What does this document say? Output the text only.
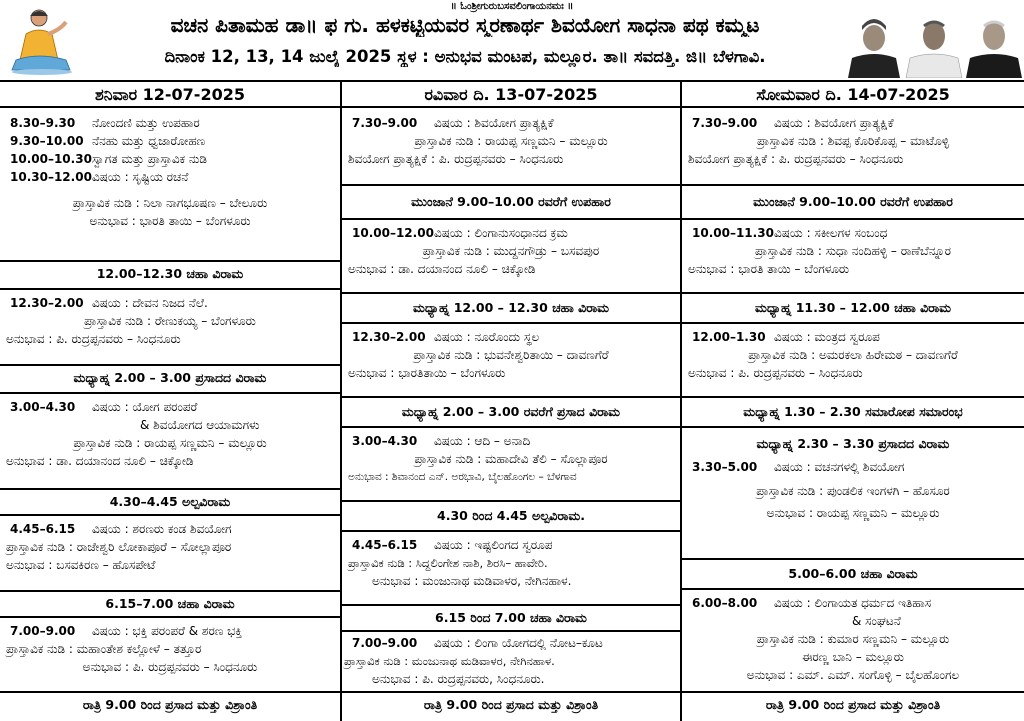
॥ ಓಂಶ್ರೀಗುರುಬಸವಲಿಂಗಾಯನಮಃ ॥
ವಚನ ಪಿತಾಮಹ ಡಾ॥ ಫ ಗು. ಹಳಕಟ್ಟಿಯವರ ಸ್ಮರಣಾರ್ಥ ಶಿವಯೋಗ ಸಾಧನಾ ಪಥ ಕಮ್ಮಟ
ದಿನಾಂಕ 12, 13, 14 ಜುಲೈ 2025 ಸ್ಥಳ : ಅನುಭವ ಮಂಟಪ, ಮಲ್ಲೂರ. ತಾ॥ ಸವದತ್ತಿ. ಜಿ॥ ಬೆಳಗಾವಿ.
ಶನಿವಾರ 12-07-2025
8.30–9.30 ನೋಂದಣಿ ಮತ್ತು ಉಪಹಾರ
9.30–10.00 ನೆನಹು ಮತ್ತು ಧ್ವಜಾರೋಹಣ
10.00–10.30ಸ್ವಾಗತ ಮತ್ತು ಪ್ರಾಸ್ತಾವಿಕ ನುಡಿ
10.30–12.00ವಿಷಯ : ಸೃಷ್ಟಿಯ ರಚನೆ
ಪ್ರಾಸ್ತಾವಿಕ ನುಡಿ : ನಿಲಾ ನಾಗಭೂಷಣ – ಬೇಲೂರು
ಅನುಭಾವ : ಭಾರತಿ ತಾಯಿ – ಬೆಂಗಳೂರು
12.00–12.30 ಚಹಾ ವಿರಾಮ
12.30–2.00 ವಿಷಯ : ದೇವನ ನಿಜದ ನೆಲೆ.
ಪ್ರಾಸ್ತಾವಿಕ ನುಡಿ : ರೇಣುಕಯ್ಯ – ಬೆಂಗಳೂರು
ಅನುಭಾವ : ಪಿ. ರುದ್ರಪ್ಪನವರು – ಸಿಂಧನೂರು
ಮಧ್ಯಾಹ್ನ 2.00 – 3.00 ಪ್ರಸಾದದ ವಿರಾಮ
3.00–4.30 ವಿಷಯ : ಯೋಗ ಪರಂಪರೆ
& ಶಿವಯೋಗದ ಆಯಾಮಗಳು
ಪ್ರಾಸ್ತಾವಿಕ ನುಡಿ : ರಾಯಪ್ಪ ಸಣ್ಣಮನಿ – ಮಲ್ಲೂರು
ಅನುಭಾವ : ಡಾ. ದಯಾನಂದ ನೂಲಿ – ಚಿಕ್ಕೋಡಿ
4.30–4.45 ಅಲ್ಪವಿರಾಮ
4.45–6.15 ವಿಷಯ : ಶರಣರು ಕಂಡ ಶಿವಯೋಗ
ಪ್ರಾಸ್ತಾವಿಕ ನುಡಿ : ರಾಜೇಶ್ವರಿ ಲೋಕಾಪೂರೆ – ಸೋಲ್ಲಾಪೂರ
ಅನುಭಾವ : ಬಸವಕಿರಣ – ಹೊಸಪೇಟೆ
6.15–7.00 ಚಹಾ ವಿರಾಮ
7.00–9.00 ವಿಷಯ : ಭಕ್ತಿ ಪರಂಪರೆ & ಶರಣ ಭಕ್ತಿ
ಪ್ರಾಸ್ತಾವಿಕ ನುಡಿ : ಮಹಾಂತೇಶ ಕಲ್ಲೋಳೆ – ತತ್ತೂರ
ಅನುಭಾವ : ಪಿ. ರುದ್ರಪ್ಪನವರು – ಸಿಂಧನೂರು
ರಾತ್ರಿ 9.00 ರಿಂದ ಪ್ರಸಾದ ಮತ್ತು ವಿಶ್ರಾಂತಿ
ರವಿವಾರ ದಿ. 13-07-2025
7.30–9.00 ವಿಷಯ : ಶಿವಯೋಗ ಪ್ರಾತ್ಯಕ್ಷಿಕೆ
ಪ್ರಾಸ್ತಾವಿಕ ನುಡಿ : ರಾಯಪ್ಪ ಸಣ್ಣಮನಿ – ಮಲ್ಲೂರು
ಶಿವಯೋಗ ಪ್ರಾತ್ಯಕ್ಷಿಕೆ : ಪಿ. ರುದ್ರಪ್ಪನವರು – ಸಿಂಧನೂರು
ಮುಂಜಾನೆ 9.00–10.00 ರವರೆಗೆ ಉಪಹಾರ
10.00–12.00ವಿಷಯ : ಲಿಂಗಾನುಸಂಧಾನದ ಕ್ರಮ
ಪ್ರಾಸ್ತಾವಿಕ ನುಡಿ : ಮುದ್ದನಗೌಡ್ರು – ಬಸವಪುರ
ಅನುಭಾವ : ಡಾ. ದಯಾನಂದ ನೂಲಿ – ಚಿಕ್ಕೋಡಿ
ಮಧ್ಯಾಹ್ನ 12.00 – 12.30 ಚಹಾ ವಿರಾಮ
12.30–2.00 ವಿಷಯ : ನೂರೊಂದು ಸ್ಥಲ
ಪ್ರಾಸ್ತಾವಿಕ ನುಡಿ : ಭುವನೇಶ್ವರಿತಾಯಿ – ದಾವಣಗೆರೆ
ಅನುಭಾವ : ಭಾರತಿತಾಯಿ – ಬೆಂಗಳೂರು
ಮಧ್ಯಾಹ್ನ 2.00 – 3.00 ರವರೆಗೆ ಪ್ರಸಾದ ವಿರಾಮ
3.00–4.30 ವಿಷಯ : ಆದಿ – ಅನಾದಿ
ಪ್ರಾಸ್ತಾವಿಕ ನುಡಿ : ಮಹಾದೇವಿ ತೆಲಿ – ಸೊಲ್ಲಾಪೂರ
ಅನುಭಾವ : ಶಿವಾನಂದ ಎನ್. ಅರಭಾವಿ, ಬೈಲಹೊಂಗಲ – ಬೆಳಗಾವ
4.30 ರಿಂದ 4.45 ಅಲ್ಪವಿರಾಮ.
4.45–6.15 ವಿಷಯ : ಇಷ್ಟಲಿಂಗದ ಸ್ವರೂಪ
ಪ್ರಾಸ್ತಾವಿಕ ನುಡಿ : ಸಿದ್ದಲಿಂಗೇಶ ನಾಶಿ, ಶಿರಸಿ– ಹಾವೇರಿ.
ಅನುಭಾವ : ಮಂಜುನಾಥ ಮಡಿವಾಳರ, ನೇಗಿನಹಾಳ.
6.15 ರಿಂದ 7.00 ಚಹಾ ವಿರಾಮ
7.00–9.00 ವಿಷಯ : ಲಿಂಗಾ ಯೋಗದಲ್ಲಿ ನೋಟ–ಕೂಟ
ಪ್ರಾಸ್ತಾವಿಕ ನುಡಿ : ಮಂಜುನಾಥ ಮಡಿವಾಳರ, ನೇಗಿನಹಾಳ.
ಅನುಭಾವ : ಪಿ. ರುದ್ರಪ್ಪನವರು, ಸಿಂಧನೂರು.
ರಾತ್ರಿ 9.00 ರಿಂದ ಪ್ರಸಾದ ಮತ್ತು ವಿಶ್ರಾಂತಿ
ಸೋಮವಾರ ದಿ. 14-07-2025
7.30–9.00 ವಿಷಯ : ಶಿವಯೋಗ ಪ್ರಾತ್ಯಕ್ಷಿಕೆ
ಪ್ರಾಸ್ತಾವಿಕ ನುಡಿ : ಶಿವಪ್ಪ ಕೊರಿಕೊಪ್ಪ – ಮಾಟೊಳ್ಳಿ
ಶಿವಯೋಗ ಪ್ರಾತ್ಯಕ್ಷಿಕೆ : ಪಿ. ರುದ್ರಪ್ಪನವರು – ಸಿಂಧನೂರು
ಮುಂಜಾನೆ 9.00–10.00 ರವರೆಗೆ ಉಪಹಾರ
10.00–11.30ವಿಷಯ : ಸಕೀಲಗಳ ಸಂಬಂಧ
ಪ್ರಾಸ್ತಾವಿಕ ನುಡಿ : ಸುಧಾ ನಂದಿಹಳ್ಳಿ – ರಾಣೆಬೆನ್ನೂರ
ಅನುಭಾವ : ಭಾರತಿ ತಾಯಿ – ಬೆಂಗಳೂರು
ಮಧ್ಯಾಹ್ನ 11.30 – 12.00 ಚಹಾ ವಿರಾಮ
12.00–1.30 ವಿಷಯ : ಮಂತ್ರದ ಸ್ವರೂಪ
ಪ್ರಾಸ್ತಾವಿಕ ನುಡಿ : ಅಮರಕಲಾ ಹಿರೇಮಠ – ದಾವಣಗೆರೆ
ಅನುಭಾವ : ಪಿ. ರುದ್ರಪ್ಪನವರು – ಸಿಂಧನೂರು
ಮಧ್ಯಾಹ್ನ 1.30 – 2.30 ಸಮಾರೋಪ ಸಮಾರಂಭ
ಮಧ್ಯಾಹ್ನ 2.30 – 3.30 ಪ್ರಸಾದದ ವಿರಾಮ
3.30–5.00 ವಿಷಯ : ವಚನಗಳಲ್ಲಿ ಶಿವಯೋಗ
ಪ್ರಾಸ್ತಾವಿಕ ನುಡಿ : ಪುಂಡಲಿಕ ಇಂಗಳಗಿ – ಹೊಸೂರ
ಅನುಭಾವ : ರಾಯಪ್ಪ ಸಣ್ಣಮನಿ – ಮಲ್ಲೂರು
5.00–6.00 ಚಹಾ ವಿರಾಮ
6.00–8.00 ವಿಷಯ : ಲಿಂಗಾಯತ ಧರ್ಮದ ಇತಿಹಾಸ
& ಸಂಘಟನೆ
ಪ್ರಾಸ್ತಾವಿಕ ನುಡಿ : ಕುಮಾರ ಸಣ್ಣಮನಿ – ಮಲ್ಲೂರು
ಈರಣ್ಣ ಬಾನಿ – ಮಲ್ಲೂರು
ಅನುಭಾವ : ಎಮ್. ಎಮ್. ಸಂಗೊಳ್ಳಿ – ಬೈಲಹೊಂಗಲ
ರಾತ್ರಿ 9.00 ರಿಂದ ಪ್ರಸಾದ ಮತ್ತು ವಿಶ್ರಾಂತಿ
